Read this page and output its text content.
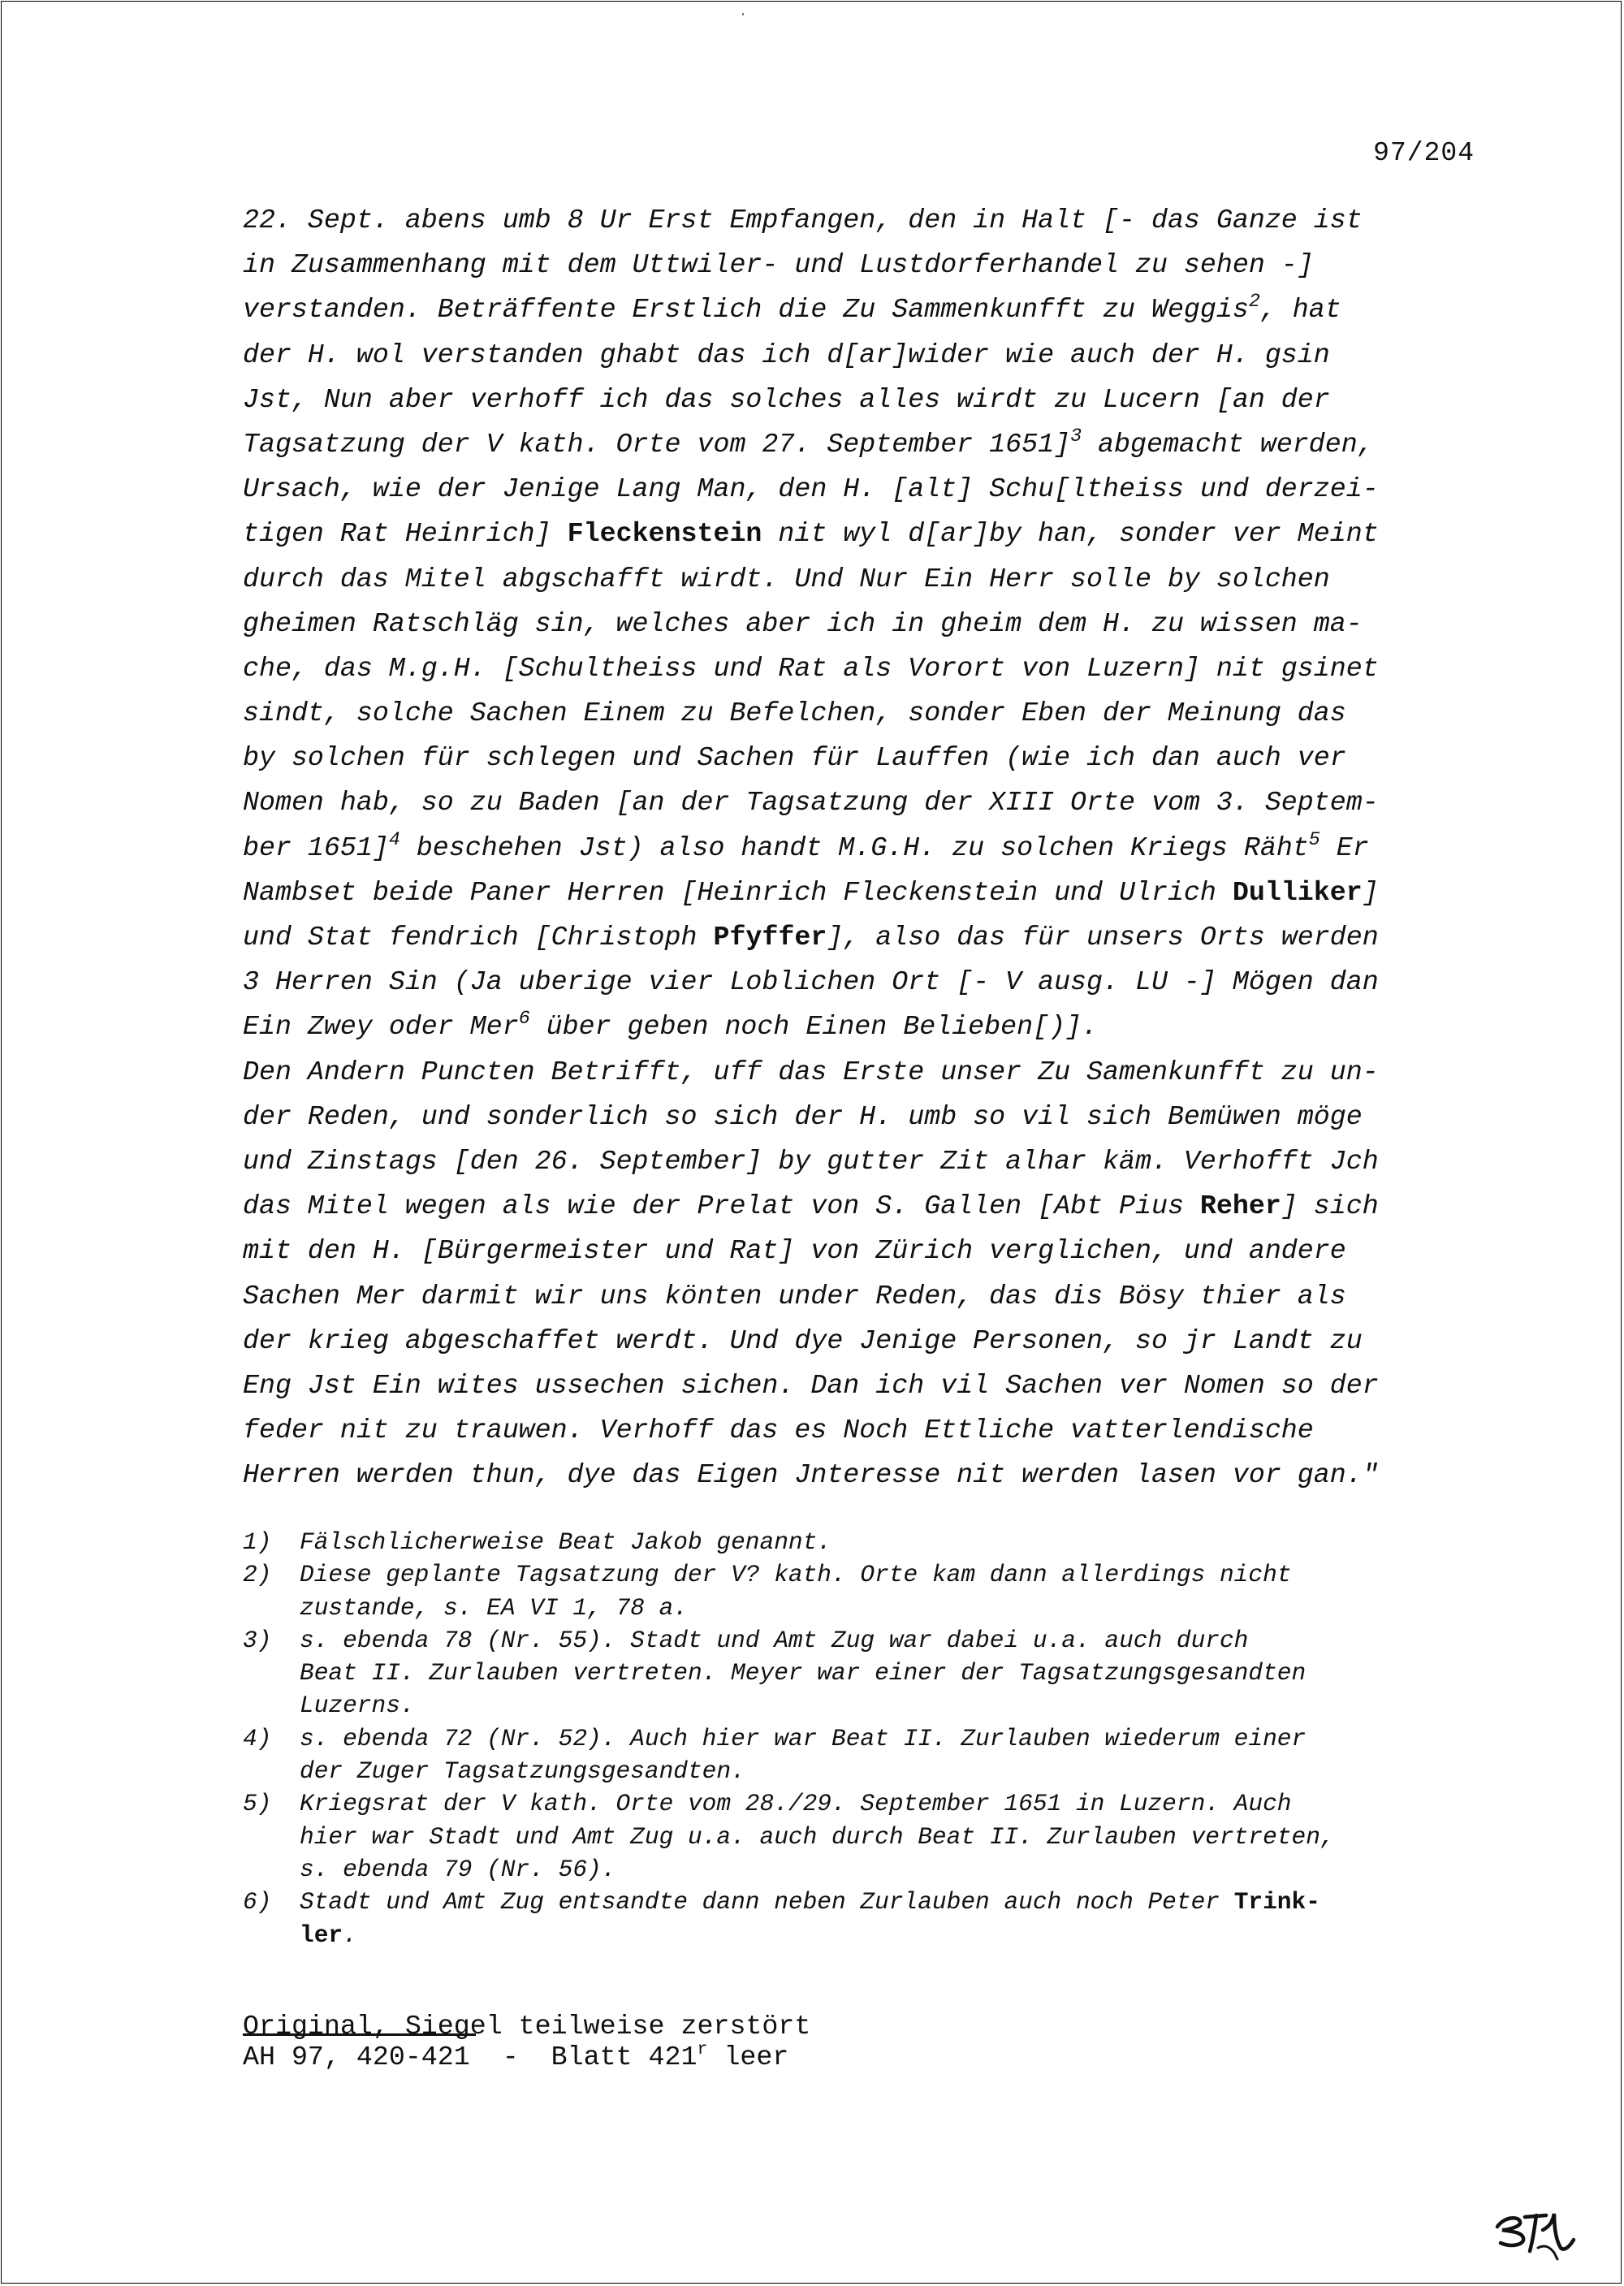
97/204
22. Sept. abens umb 8 Ur Erst Empfangen, den in Halt [- das Ganze ist
in Zusammenhang mit dem Uttwiler- und Lustdorferhandel zu sehen -]
verstanden. Beträffente Erstlich die Zu Sammenkunfft zu Weggis$^2$, hat
der H. wol verstanden ghabt das ich d[ar]wider wie auch der H. gsin
Jst, Nun aber verhoff ich das solches alles wirdt zu Lucern [an der
Tagsatzung der V kath. Orte vom 27. September 1651]$^3$ abgemacht werden,
Ursach, wie der Jenige Lang Man, den H. [alt] Schu[ltheiss und derzei-
tigen Rat Heinrich] Fleckenstein nit wyl d[ar]by han, sonder ver Meint
durch das Mitel abgschafft wirdt. Und Nur Ein Herr solle by solchen
gheimen Ratschläg sin, welches aber ich in gheim dem H. zu wissen ma-
che, das M.g.H. [Schultheiss und Rat als Vorort von Luzern] nit gsinet
sindt, solche Sachen Einem zu Befelchen, sonder Eben der Meinung das
by solchen für schlegen und Sachen für Lauffen (wie ich dan auch ver
Nomen hab, so zu Baden [an der Tagsatzung der XIII Orte vom 3. Septem-
ber 1651]$^4$ beschehen Jst) also handt M.G.H. zu solchen Kriegs Räht$^5$ Er
Nambset beide Paner Herren [Heinrich Fleckenstein und Ulrich Dulliker]
und Stat fendrich [Christoph Pfyffer], also das für unsers Orts werden
3 Herren Sin (Ja uberige vier Loblichen Ort [- V ausg. LU -] Mögen dan
Ein Zwey oder Mer$^6$ über geben noch Einen Belieben[)].
Den Andern Puncten Betrifft, uff das Erste unser Zu Samenkunfft zu un-
der Reden, und sonderlich so sich der H. umb so vil sich Bemüwen möge
und Zinstags [den 26. September] by gutter Zit alhar käm. Verhofft Jch
das Mitel wegen als wie der Prelat von S. Gallen [Abt Pius Reher] sich
mit den H. [Bürgermeister und Rat] von Zürich verglichen, und andere
Sachen Mer darmit wir uns könten under Reden, das dis Bösy thier als
der krieg abgeschaffet werdt. Und dye Jenige Personen, so jr Landt zu
Eng Jst Ein wites ussechen sichen. Dan ich vil Sachen ver Nomen so der
feder nit zu trauwen. Verhoff das es Noch Ettliche vatterlendische
Herren werden thun, dye das Eigen Jnteresse nit werden lasen vor gan."
1) Fälschlicherweise Beat Jakob genannt.
2) Diese geplante Tagsatzung der V? kath. Orte kam dann allerdings nicht
zustande, s. EA VI 1, 78 a.
3) s. ebenda 78 (Nr. 55). Stadt und Amt Zug war dabei u.a. auch durch
Beat II. Zurlauben vertreten. Meyer war einer der Tagsatzungsgesandten
Luzerns.
4) s. ebenda 72 (Nr. 52). Auch hier war Beat II. Zurlauben wiederum einer
der Zuger Tagsatzungsgesandten.
5) Kriegsrat der V kath. Orte vom 28./29. September 1651 in Luzern. Auch
hier war Stadt und Amt Zug u.a. auch durch Beat II. Zurlauben vertreten,
s. ebenda 79 (Nr. 56).
6) Stadt und Amt Zug entsandte dann neben Zurlauben auch noch Peter Trink-
ler.
Original, Siegel teilweise zerstört
AH 97, 420-421  -  Blatt 421$^r$ leer
